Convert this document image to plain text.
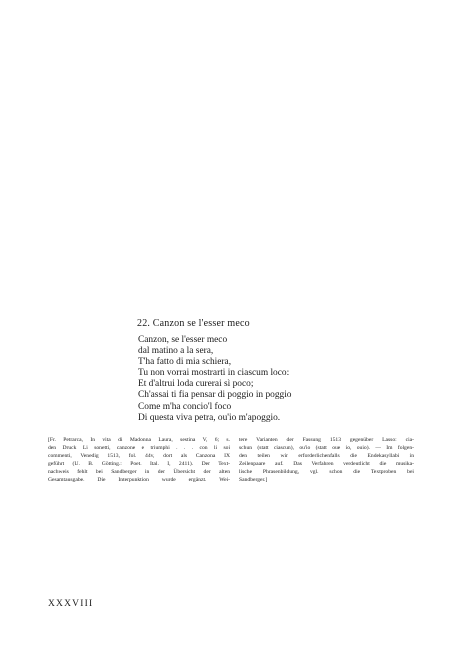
22. Canzon se l'esser meco
Canzon, se l'esser meco
dal matino a la sera,
T'ha fatto di mia schiera,
Tu non vorrai mostrarti in ciascum loco:
Et d'altrui loda curerai sì poco;
Ch'assai ti fia pensar di poggio in poggio
Come m'ha concio'l foco
Di questa viva petra, ou'io m'apoggio.
[Fr. Petrarca, In vita di Madonna Laura, sestina V, 6; s.
den Druck Li sonetti, canzone e triumphi . . . con li soi
commenti, Venedig 1513, fol. 44v, dort als Canzona IX
geführt (U. B. Götting.: Poet. Ital. I, 2411). Der Text-
nachweis fehlt bei Sandberger in der Übersicht der alten
Gesamtausgabe. Die Interpunktion wurde ergänzt. Wei-
tere Varianten der Fassung 1513 gegenüber Lasso: cia-
schun (statt ciascun), ou'io (statt oue io, ouio). — Im folgen-
den teilen wir erforderlichenfalls die Endekasyllabi in
Zeilenpaare auf. Das Verfahren verdeutlicht die musika-
lische Phrasenbildung, vgl. schon die Textproben bei
Sandberger.]
XXXVIII
